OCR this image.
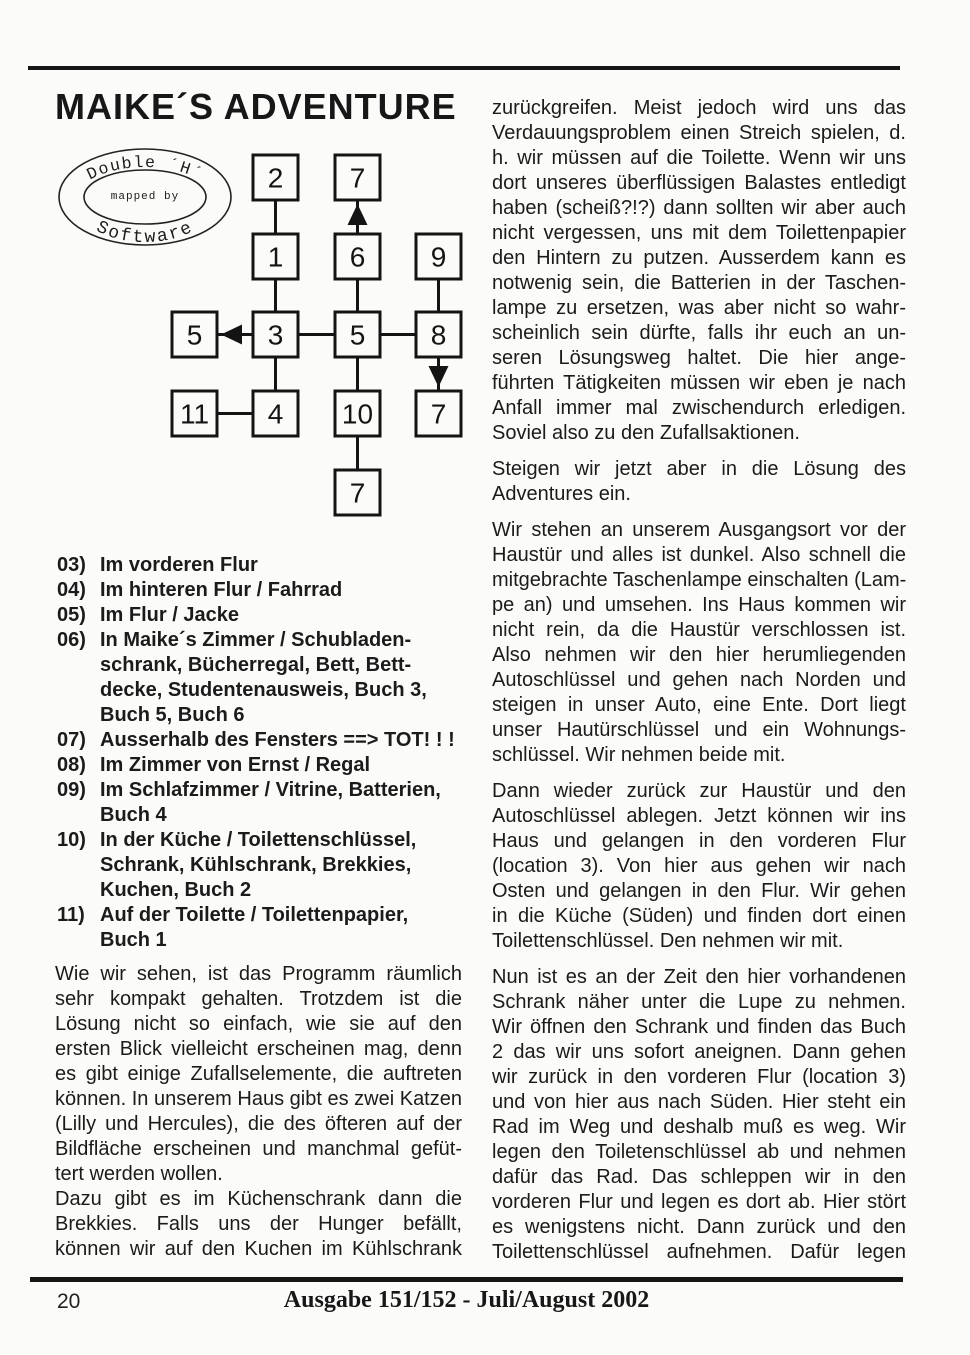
MAIKE´S ADVENTURE
Double ´H´
Software
mapped by
2 7
1 6 9
5 3 5 8
11 4 10 7
7
03) Im vorderen Flur
04) Im hinteren Flur / Fahrrad
05) Im Flur / Jacke
06) In Maike´s Zimmer / Schubladen-
schrank, Bücherregal, Bett, Bett-
decke, Studentenausweis, Buch 3,
Buch 5, Buch 6
07) Ausserhalb des Fensters ==> TOT! ! !
08) Im Zimmer von Ernst / Regal
09) Im Schlafzimmer / Vitrine, Batterien,
Buch 4
10) In der Küche / Toilettenschlüssel,
Schrank, Kühlschrank, Brekkies,
Kuchen, Buch 2
11) Auf der Toilette / Toilettenpapier,
Buch 1
Wie wir sehen, ist das Programm räumlich
sehr kompakt gehalten. Trotzdem ist die
Lösung nicht so einfach, wie sie auf den
ersten Blick vielleicht erscheinen mag, denn
es gibt einige Zufallselemente, die auftreten
können. In unserem Haus gibt es zwei Katzen
(Lilly und Hercules), die des öfteren auf der
Bildfläche erscheinen und manchmal gefüt-
tert werden wollen.
Dazu gibt es im Küchenschrank dann die
Brekkies. Falls uns der Hunger befällt,
können wir auf den Kuchen im Kühlschrank
zurückgreifen. Meist jedoch wird uns das
Verdauungsproblem einen Streich spielen, d.
h. wir müssen auf die Toilette. Wenn wir uns
dort unseres überflüssigen Balastes entledigt
haben (scheiß?!?) dann sollten wir aber auch
nicht vergessen, uns mit dem Toilettenpapier
den Hintern zu putzen. Ausserdem kann es
notwenig sein, die Batterien in der Taschen-
lampe zu ersetzen, was aber nicht so wahr-
scheinlich sein dürfte, falls ihr euch an un-
seren Lösungsweg haltet. Die hier ange-
führten Tätigkeiten müssen wir eben je nach
Anfall immer mal zwischendurch erledigen.
Soviel also zu den Zufallsaktionen.
Steigen wir jetzt aber in die Lösung des
Adventures ein.
Wir stehen an unserem Ausgangsort vor der
Haustür und alles ist dunkel. Also schnell die
mitgebrachte Taschenlampe einschalten (Lam-
pe an) und umsehen. Ins Haus kommen wir
nicht rein, da die Haustür verschlossen ist.
Also nehmen wir den hier herumliegenden
Autoschlüssel und gehen nach Norden und
steigen in unser Auto, eine Ente. Dort liegt
unser Hautürschlüssel und ein Wohnungs-
schlüssel. Wir nehmen beide mit.
Dann wieder zurück zur Haustür und den
Autoschlüssel ablegen. Jetzt können wir ins
Haus und gelangen in den vorderen Flur
(location 3). Von hier aus gehen wir nach
Osten und gelangen in den Flur. Wir gehen
in die Küche (Süden) und finden dort einen
Toilettenschlüssel. Den nehmen wir mit.
Nun ist es an der Zeit den hier vorhandenen
Schrank näher unter die Lupe zu nehmen.
Wir öffnen den Schrank und finden das Buch
2 das wir uns sofort aneignen. Dann gehen
wir zurück in den vorderen Flur (location 3)
und von hier aus nach Süden. Hier steht ein
Rad im Weg und deshalb muß es weg. Wir
legen den Toiletenschlüssel ab und nehmen
dafür das Rad. Das schleppen wir in den
vorderen Flur und legen es dort ab. Hier stört
es wenigstens nicht. Dann zurück und den
Toilettenschlüssel aufnehmen. Dafür legen
20	Ausgabe 151/152 - Juli/August 2002
